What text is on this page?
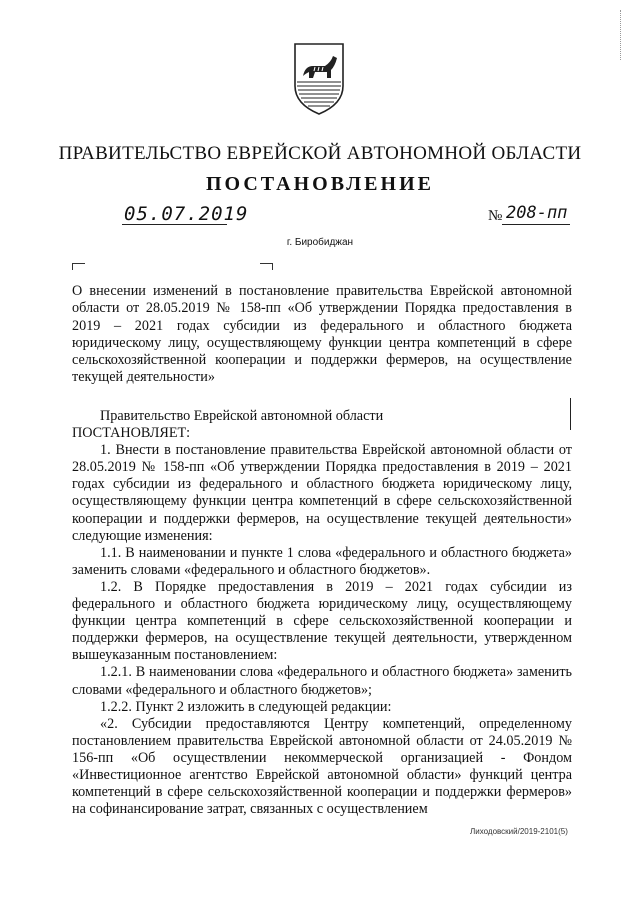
ПРАВИТЕЛЬСТВО ЕВРЕЙСКОЙ АВТОНОМНОЙ ОБЛАСТИ
ПОСТАНОВЛЕНИЕ
05.07.2019	№ 208-пп
г. Биробиджан
О внесении изменений в постановление правительства Еврейской автономной области от 28.05.2019 № 158-пп «Об утверждении Порядка предоставления в 2019 – 2021 годах субсидии из федерального и областного бюджета юридическому лицу, осуществляющему функции центра компетенций в сфере сельскохозяйственной кооперации и поддержки фермеров, на осуществление текущей деятельности»

Правительство Еврейской автономной области

ПОСТАНОВЛЯЕТ:

1. Внести в постановление правительства Еврейской автономной области от 28.05.2019 № 158-пп «Об утверждении Порядка предоставления в 2019 – 2021 годах субсидии из федерального и областного бюджета юридическому лицу, осуществляющему функции центра компетенций в сфере сельскохозяйственной кооперации и поддержки фермеров, на осуществление текущей деятельности» следующие изменения:

1.1. В наименовании и пункте 1 слова «федерального и областного бюджета» заменить словами «федерального и областного бюджетов».

1.2. В Порядке предоставления в 2019 – 2021 годах субсидии из федерального и областного бюджета юридическому лицу, осуществляющему функции центра компетенций в сфере сельскохозяйственной кооперации и поддержки фермеров, на осуществление текущей деятельности, утвержденном вышеуказанным постановлением:

1.2.1. В наименовании слова «федерального и областного бюджета» заменить словами «федерального и областного бюджетов»;

1.2.2. Пункт 2 изложить в следующей редакции:

«2. Субсидии предоставляются Центру компетенций, определенному постановлением правительства Еврейской автономной области от 24.05.2019 № 156-пп «Об осуществлении некоммерческой организацией - Фондом «Инвестиционное агентство Еврейской автономной области» функций центра компетенций в сфере сельскохозяйственной кооперации и поддержки фермеров» на софинансирование затрат, связанных с осуществлением

Лиходовский/2019-2101(5)
